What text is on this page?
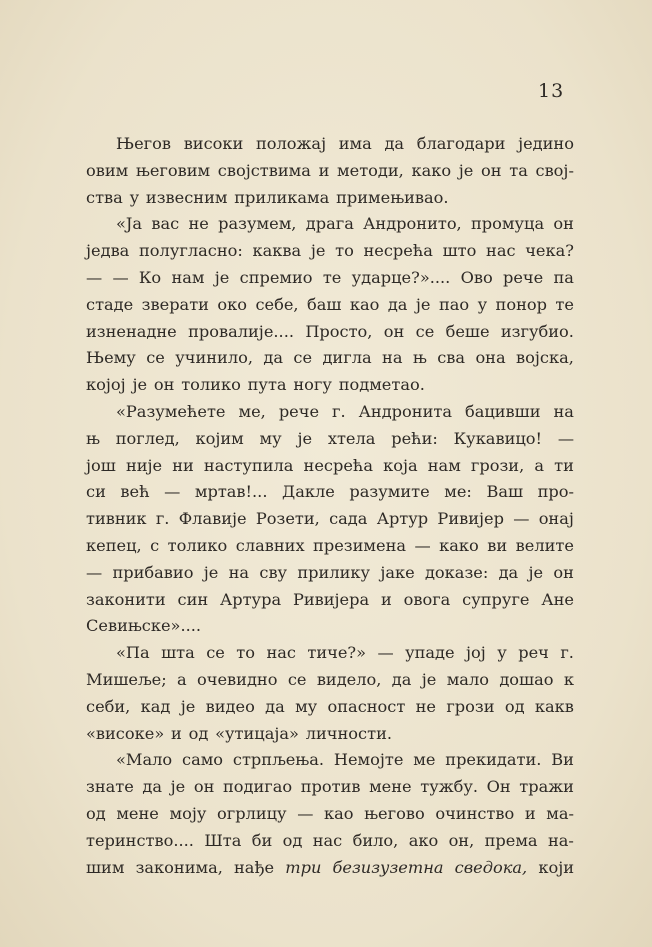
13
Његов високи положај има да благодари једино
овим његовим својствима и методи, како је он та свој-
ства у извесним приликама примењивао.
«Ја вас не разумем, драга Андронито, промуца он
једва полугласно: каква је то несрећа што нас чека?
— — Ко нам је спремио те ударце?».... Ово рече па
стаде зверати око себе, баш као да је пао у понор те
изненадне провалије.... Просто, он се беше изгубио.
Њему се учинило, да се дигла на њ сва она војска,
којој је он толико пута ногу подметао.
«Разумећете ме, рече г. Андронита бацивши на
њ поглед, којим му је хтела рећи: Кукавицо! —
још није ни наступила несрећа која нам грози, а ти
си већ — мртав!... Дакле разумите ме: Ваш про-
тивник г. Флавије Розети, сада Артур Ривијер — онај
кепец, с толико славних презимена — како ви велите
— прибавио је на сву прилику јаке доказе: да је он
законити син Артура Ривијера и овога супруге Ане
Севињске»....
«Па шта се то нас тиче?» — упаде јој у реч г.
Мишеље; а очевидно се видело, да је мало дошао к
себи, кад је видео да му опасност не грози од какв
«високе» и од «утицаја» личности.
«Мало само стрпљења. Немојте ме прекидати. Ви
знате да је он подигао против мене тужбу. Он тражи
од мене моју огрлицу — као његово очинство и ма-
теринство.... Шта би од нас било, ако он, према на-
шим законима, нађе три безизузетна сведока, који
